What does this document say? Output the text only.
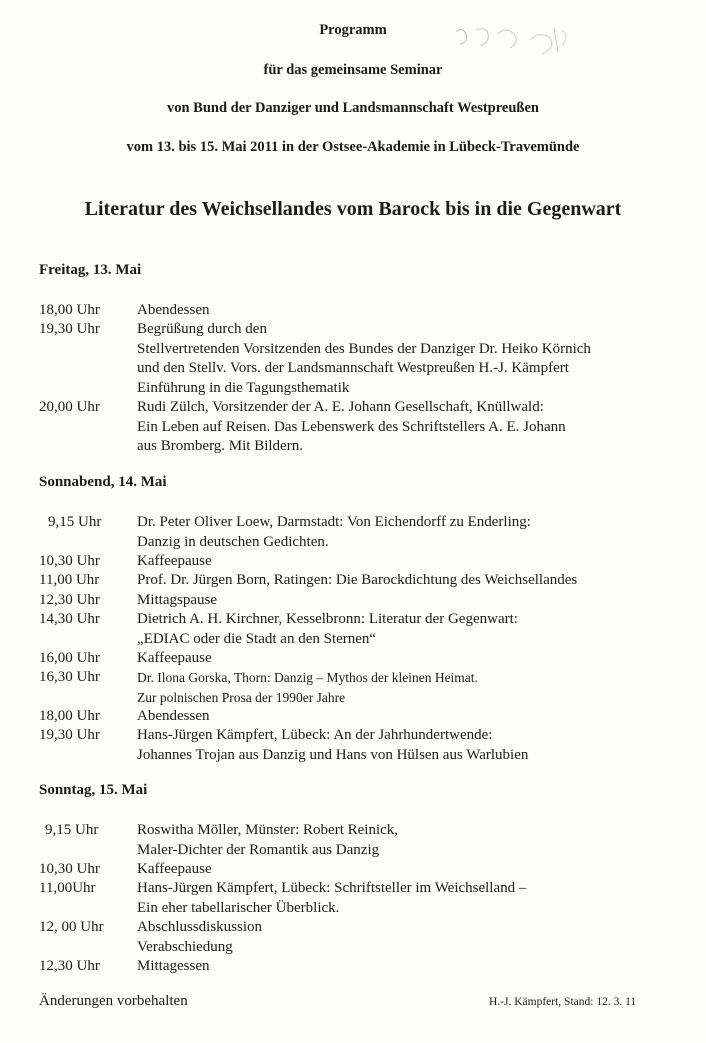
Programm
für das gemeinsame Seminar
von Bund der Danziger und Landsmannschaft Westpreußen
vom 13. bis 15. Mai 2011 in der Ostsee-Akademie in Lübeck-Travemünde
Literatur des Weichsellandes vom Barock bis in die Gegenwart
Freitag, 13. Mai
18,00 Uhr	Abendessen
19,30 Uhr	Begrüßung durch den
Stellvertretenden Vorsitzenden des Bundes der Danziger Dr. Heiko Körnich
und den Stellv. Vors. der Landsmannschaft Westpreußen H.-J. Kämpfert
Einführung in die Tagungsthematik
20,00 Uhr	Rudi Zülch, Vorsitzender der A. E. Johann Gesellschaft, Knüllwald:
Ein Leben auf Reisen. Das Lebenswerk des Schriftstellers A. E. Johann
aus Bromberg. Mit Bildern.
Sonnabend, 14. Mai
9,15 Uhr	Dr. Peter Oliver Loew, Darmstadt: Von Eichendorff zu Enderling:
Danzig in deutschen Gedichten.
10,30 Uhr	Kaffeepause
11,00 Uhr	Prof. Dr. Jürgen Born, Ratingen: Die Barockdichtung des Weichsellandes
12,30 Uhr	Mittagspause
14,30 Uhr	Dietrich A. H. Kirchner, Kesselbronn: Literatur der Gegenwart:
„EDIAC oder die Stadt an den Sternen“
16,00 Uhr	Kaffeepause
16,30 Uhr	Dr. Ilona Gorska, Thorn: Danzig – Mythos der kleinen Heimat.
Zur polnischen Prosa der 1990er Jahre
18,00 Uhr	Abendessen
19,30 Uhr	Hans-Jürgen Kämpfert, Lübeck: An der Jahrhundertwende:
Johannes Trojan aus Danzig und Hans von Hülsen aus Warlubien
Sonntag, 15. Mai
9,15 Uhr	Roswitha Möller, Münster: Robert Reinick,
Maler-Dichter der Romantik aus Danzig
10,30 Uhr	Kaffeepause
11,00Uhr	Hans-Jürgen Kämpfert, Lübeck: Schriftsteller im Weichselland –
Ein eher tabellarischer Überblick.
12, 00 Uhr	Abschlussdiskussion
Verabschiedung
12,30 Uhr	Mittagessen
Änderungen vorbehalten	H.-J. Kämpfert, Stand: 12. 3. 11
